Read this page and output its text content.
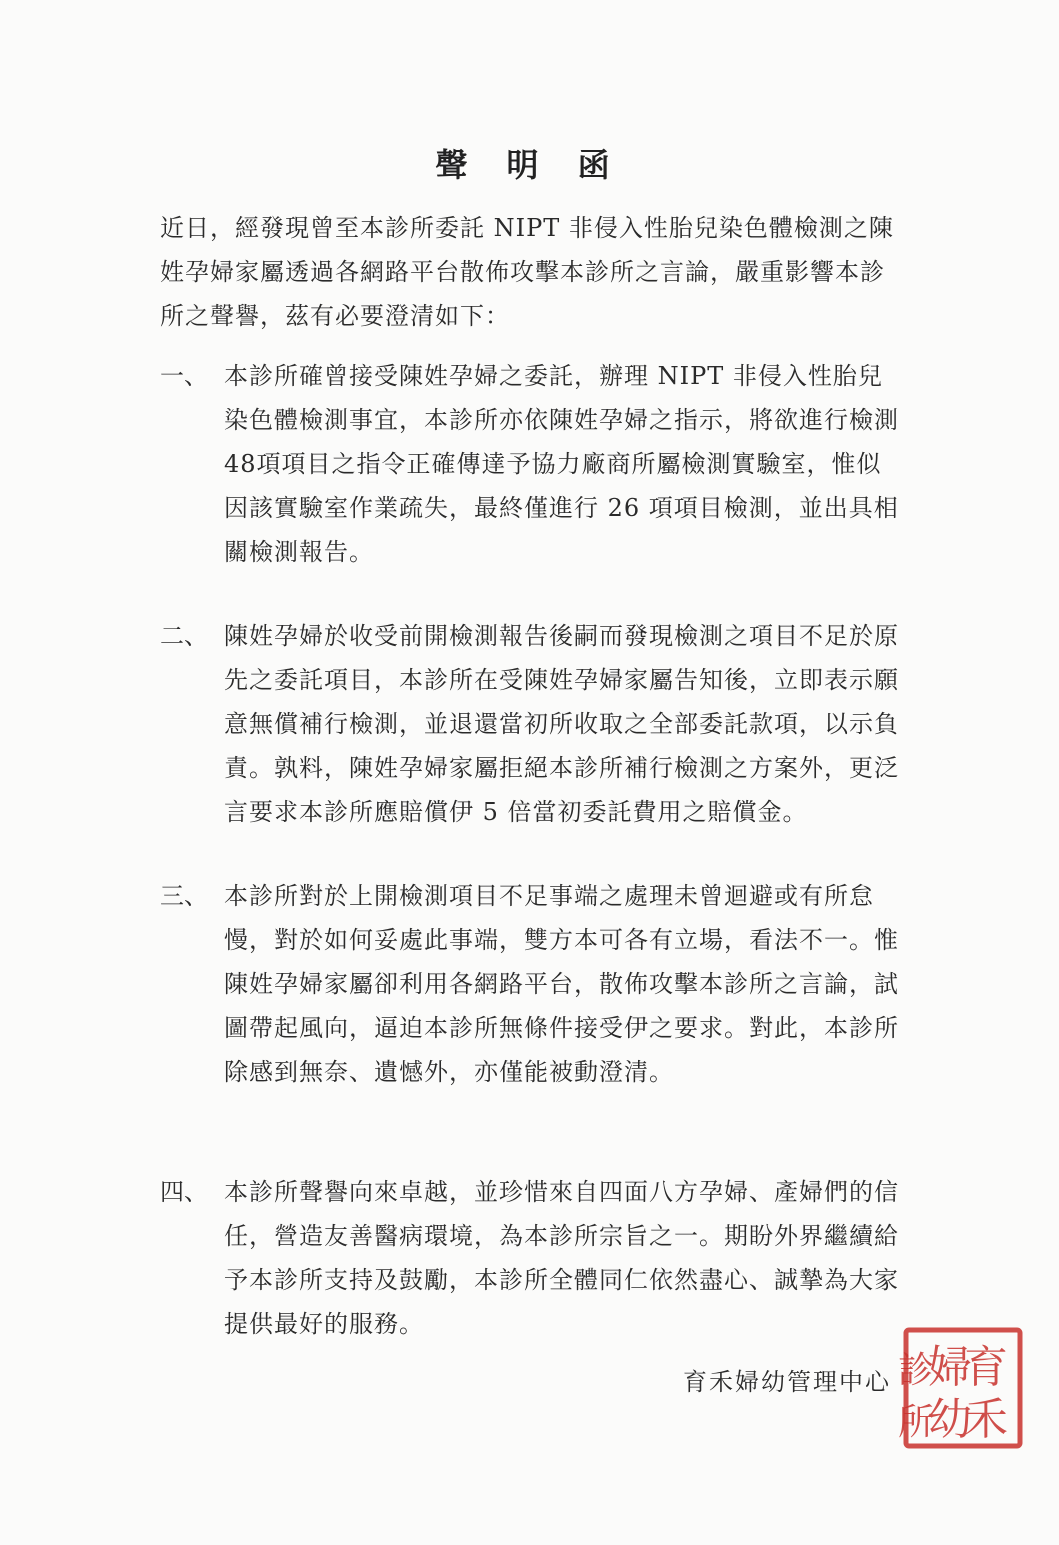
聲 明 函
近日，經發現曾至本診所委託 NIPT 非侵入性胎兒染色體檢測之陳姓孕婦家屬透過各網路平台散佈攻擊本診所之言論，嚴重影響本診所之聲譽，茲有必要澄清如下：
一、 本診所確曾接受陳姓孕婦之委託，辦理 NIPT 非侵入性胎兒染色體檢測事宜，本診所亦依陳姓孕婦之指示，將欲進行檢測48項項目之指令正確傳達予協力廠商所屬檢測實驗室，惟似因該實驗室作業疏失，最終僅進行 26 項項目檢測，並出具相關檢測報告。
二、 陳姓孕婦於收受前開檢測報告後嗣而發現檢測之項目不足於原先之委託項目，本診所在受陳姓孕婦家屬告知後，立即表示願意無償補行檢測，並退還當初所收取之全部委託款項，以示負責。孰料，陳姓孕婦家屬拒絕本診所補行檢測之方案外，更泛言要求本診所應賠償伊 5 倍當初委託費用之賠償金。
三、 本診所對於上開檢測項目不足事端之處理未曾迴避或有所怠慢，對於如何妥處此事端，雙方本可各有立場，看法不一。惟陳姓孕婦家屬卻利用各網路平台，散佈攻擊本診所之言論，試圖帶起風向，逼迫本診所無條件接受伊之要求。對此，本診所除感到無奈、遺憾外，亦僅能被動澄清。
四、 本診所聲譽向來卓越，並珍惜來自四面八方孕婦、產婦們的信任，營造友善醫病環境，為本診所宗旨之一。期盼外界繼續給予本診所支持及鼓勵，本診所全體同仁依然盡心、誠摯為大家提供最好的服務。
育禾婦幼管理中心 育
禾
婦
幼
診
所
